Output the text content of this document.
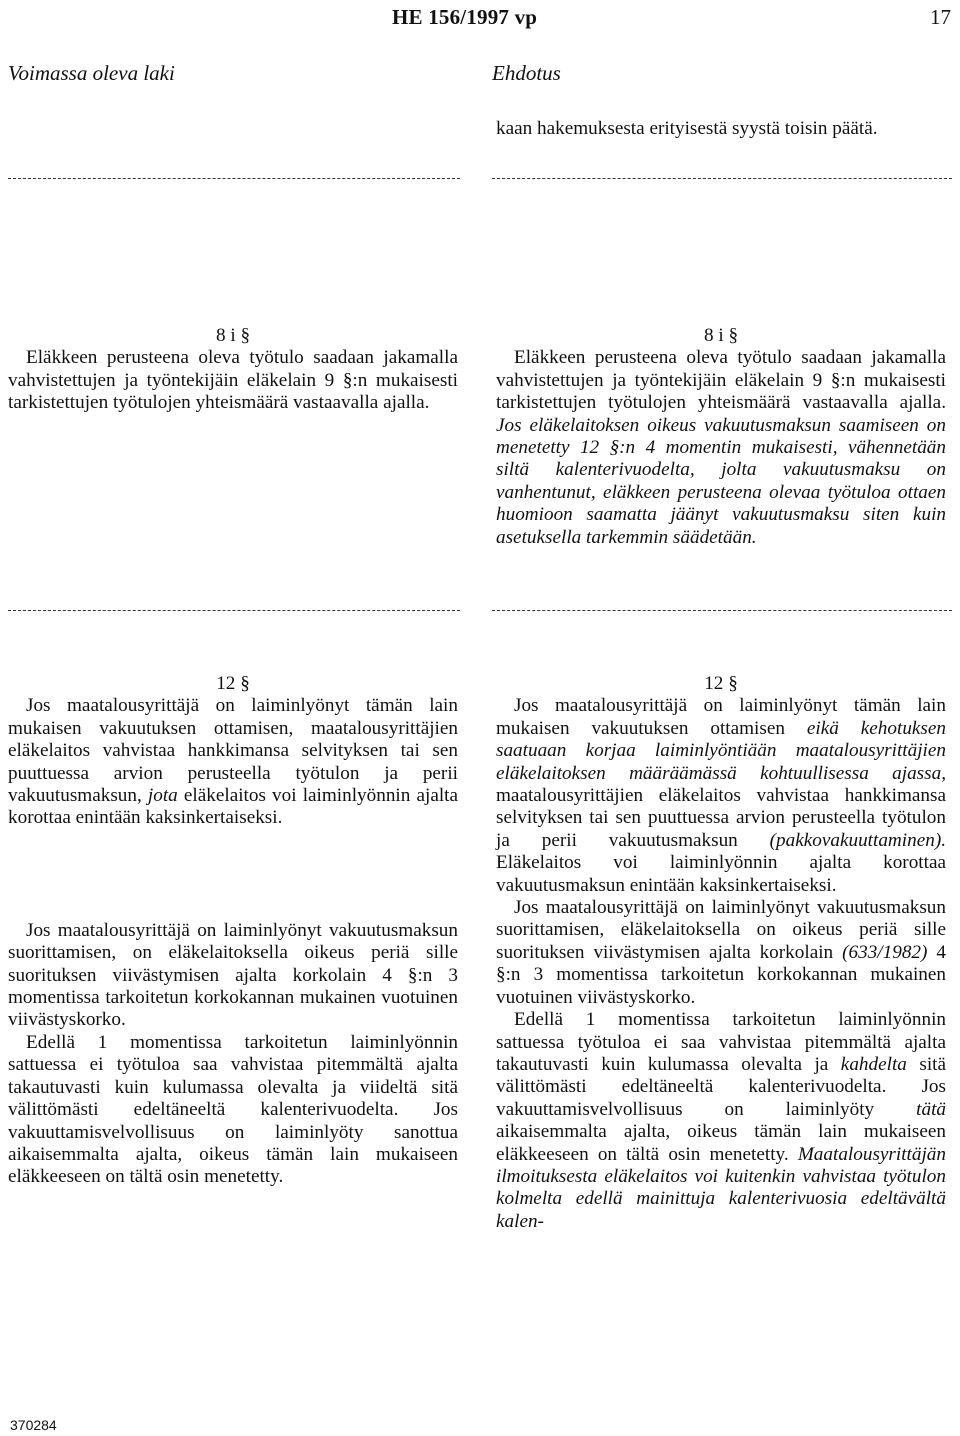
HE 156/1997 vp	17
Voimassa oleva laki	Ehdotus

kaan hakemuksesta erityisestä syystä toisin päätä.

8 i §

Eläkkeen perusteena oleva työtulo saadaan jakamalla vahvistettujen ja työntekijäin eläkelain 9 §:n mukaisesti tarkistettujen työtulojen yhteismäärä vastaavalla ajalla.

8 i §

Eläkkeen perusteena oleva työtulo saadaan jakamalla vahvistettujen ja työntekijäin eläkelain 9 §:n mukaisesti tarkistettujen työtulojen yhteismäärä vastaavalla ajalla. Jos eläkelaitoksen oikeus vakuutusmaksun saamiseen on menetetty 12 §:n 4 momentin mukaisesti, vähennetään siltä kalenterivuodelta, jolta vakuutusmaksu on vanhentunut, eläkkeen perusteena olevaa työtuloa ottaen huomioon saamatta jäänyt vakuutusmaksu siten kuin asetuksella tarkemmin säädetään.

12 §

Jos maatalousyrittäjä on laiminlyönyt tämän lain mukaisen vakuutuksen ottamisen, maatalousyrittäjien eläkelaitos vahvistaa hankkimansa selvityksen tai sen puuttuessa arvion perusteella työtulon ja perii vakuutusmaksun, jota eläkelaitos voi laiminlyönnin ajalta korottaa enintään kaksinkertaiseksi.

Jos maatalousyrittäjä on laiminlyönyt vakuutusmaksun suorittamisen, on eläkelaitoksella oikeus periä sille suorituksen viivästymisen ajalta korkolain 4 §:n 3 momentissa tarkoitetun korkokannan mukainen vuotuinen viivästyskorko.

Edellä 1 momentissa tarkoitetun laiminlyönnin sattuessa ei työtuloa saa vahvistaa pitemmältä ajalta takautuvasti kuin kulumassa olevalta ja viideltä sitä välittömästi edeltäneeltä kalenterivuodelta. Jos vakuuttamisvelvollisuus on laiminlyöty sanottua aikaisemmalta ajalta, oikeus tämän lain mukaiseen eläkkeeseen on tältä osin menetetty.

12 §

Jos maatalousyrittäjä on laiminlyönyt tämän lain mukaisen vakuutuksen ottamisen eikä kehotuksen saatuaan korjaa laiminlyöntiään maatalousyrittäjien eläkelaitoksen määräämässä kohtuullisessa ajassa, maatalousyrittäjien eläkelaitos vahvistaa hankkimansa selvityksen tai sen puuttuessa arvion perusteella työtulon ja perii vakuutusmaksun (pakkovakuuttaminen). Eläkelaitos voi laiminlyönnin ajalta korottaa vakuutusmaksun enintään kaksinkertaiseksi.

Jos maatalousyrittäjä on laiminlyönyt vakuutusmaksun suorittamisen, eläkelaitoksella on oikeus periä sille suorituksen viivästymisen ajalta korkolain (633/1982) 4 §:n 3 momentissa tarkoitetun korkokannan mukainen vuotuinen viivästyskorko.

Edellä 1 momentissa tarkoitetun laiminlyönnin sattuessa työtuloa ei saa vahvistaa pitemmältä ajalta takautuvasti kuin kulumassa olevalta ja kahdelta sitä välittömästi edeltäneeltä kalenterivuodelta. Jos vakuuttamisvelvollisuus on laiminlyöty tätä aikaisemmalta ajalta, oikeus tämän lain mukaiseen eläkkeeseen on tältä osin menetetty. Maatalousyrittäjän ilmoituksesta eläkelaitos voi kuitenkin vahvistaa työtulon kolmelta edellä mainittuja kalenterivuosia edeltävältä kalen-

370284
